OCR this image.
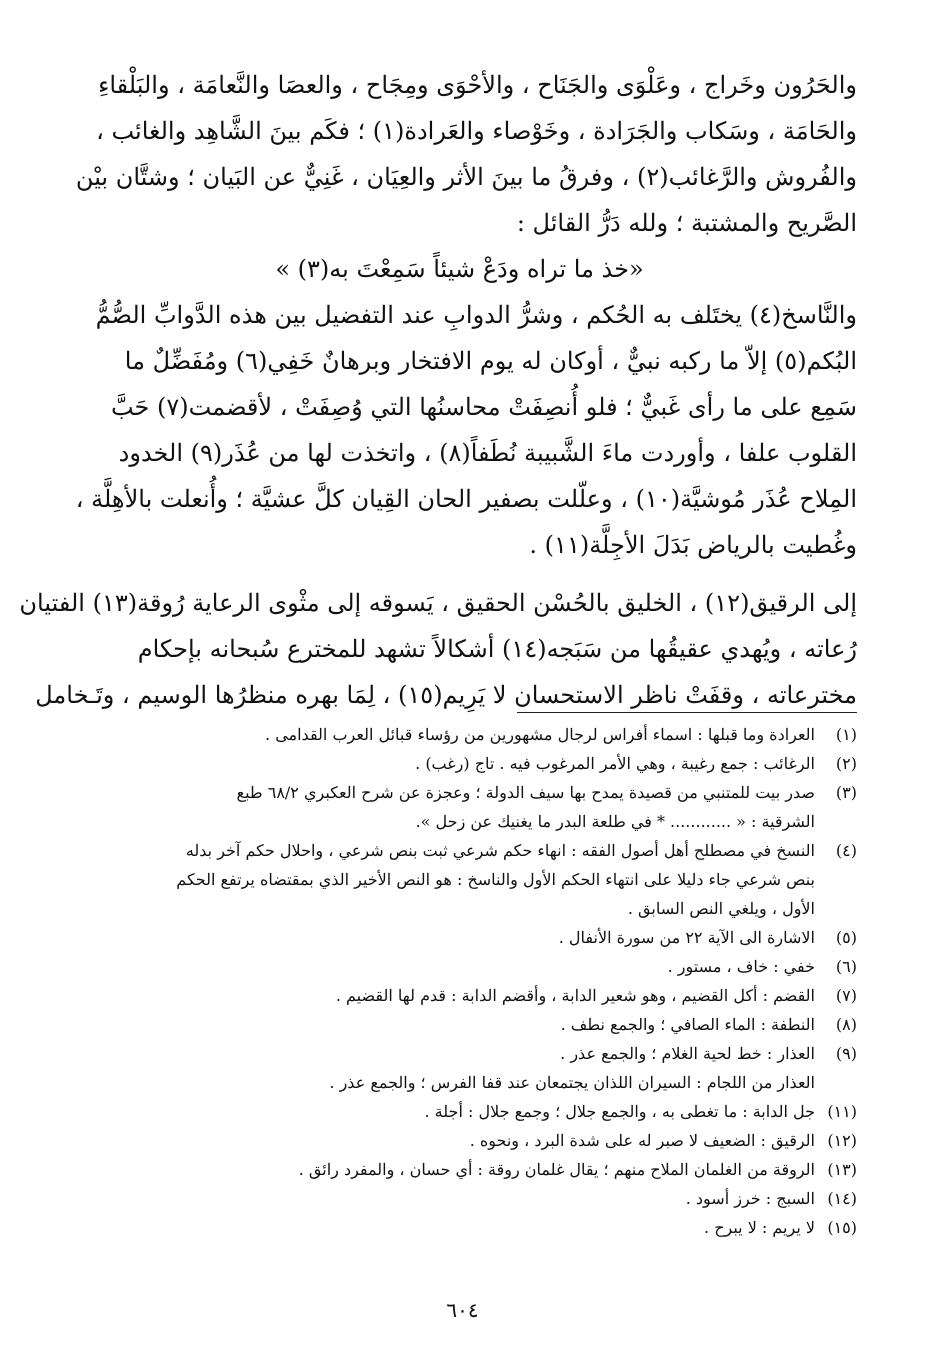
والحَرُون وخَراج ، وعَلْوَى والجَنَاح ، والأحْوَى ومِجَاح ، والعصَا والنَّعامَة ، والبَلْقاءِ
والحَامَة ، وسَكاب والجَرَادة ، وخَوْصاء والعَرادة(١) ؛ فكَم بينَ الشَّاهِد والغائب ،
والفُروش والرَّغائب(٢) ، وفرقُ ما بينَ الأثر والعِيَان ، غَنِيٌّ عن البَيان ؛ وشتَّان بيْن
الصَّريح والمشتبة ؛ ولله دَرُّ القائل :
«خذ ما تراه ودَعْ شيئاً سَمِعْتَ به(٣) »
والنَّاسخ(٤) يختَلف به الحُكم ، وشرُّ الدوابِ عند التفضيل بين هذه الدَّوابِّ الصُّمُّ
البُكم(٥) إلاّ ما ركبه نبيٌّ ، أوكان له يوم الافتخار وبرهانٌ خَفِي(٦) ومُفَضِّلٌ ما
سَمِع على ما رأى غَبيٌّ ؛ فلو أُنصِفَتْ محاسنُها التي وُصِفَتْ ، لأقضمت(٧) حَبَّ
القلوب علفا ، وأوردت ماءَ الشَّبيبة نُطَفاً(٨) ، واتخذت لها من عُذَر(٩) الخدود
المِلاح عُذَر مُوشيَّة(١٠) ، وعلّلت بصفير الحان القِيان كلَّ عشيَّة ؛ وأُنعلت بالأهِلَّة ،
وغُطيت بالرياض بَدَلَ الأجِلَّة(١١) .
إلى الرقيق(١٢) ، الخليق بالحُسْن الحقيق ، يَسوقه إلى مثْوى الرعاية رُوقة(١٣) الفتيان
رُعاته ، ويُهدي عقيقُها من سَبَجه(١٤) أشكالاً تشهد للمخترع سُبحانه بإحكام
مخترعاته ، وقفَتْ ناظر الاستحسان لا يَرِيم(١٥) ، لِمَا بهره منظرُها الوسيم ، وتَـخامل
(١)العرادة وما قبلها : اسماء أفراس لرجال مشهورين من رؤساء قبائل العرب القدامى .
(٢)الرغائب : جمع رغيبة ، وهي الأمر المرغوب فيه . تاج (رغب) .
(٣)صدر بيت للمتنبي من قصيدة يمدح بها سيف الدولة ؛ وعجزة عن شرح العكبري ٦٨/٢ طبع
الشرقية : « ............ * في طلعة البدر ما يغنيك عن زحل ».
(٤)النسخ في مصطلح أهل أصول الفقه : انهاء حكم شرعي ثبت بنص شرعي ، واحلال حكم آخر بدله
بنص شرعي جاء دليلا على انتهاء الحكم الأول والناسخ : هو النص الأخير الذي بمقتضاه يرتفع الحكم
الأول ، ويلغي النص السابق .
(٥)الاشارة الى الآية ٢٢ من سورة الأنفال .
(٦)خفي : خاف ، مستور .
(٧)القضم : أكل القضيم ، وهو شعير الدابة ، وأقضم الدابة : قدم لها القضيم .
(٨)النطفة : الماء الصافي ؛ والجمع نطف .
(٩)العذار : خط لحية الغلام ؛ والجمع عذر .
العذار من اللجام : السيران اللذان يجتمعان عند قفا الفرس ؛ والجمع عذر .
(١١)جل الدابة : ما تغطى به ، والجمع جلال ؛ وجمع جلال : أجلة .
(١٢)الرقيق : الضعيف لا صبر له على شدة البرد ، ونحوه .
(١٣)الروقة من الغلمان الملاح منهم ؛ يقال غلمان روقة : أي حسان ، والمفرد رائق .
(١٤)السبج : خرز أسود .
(١٥)لا يريم : لا يبرح .
٦٠٤
